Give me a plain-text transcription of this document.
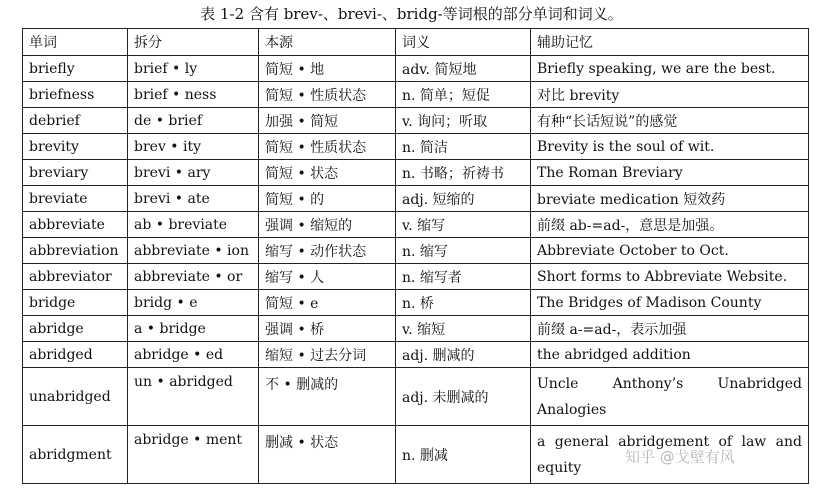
表 1-2 含有 brev-、brevi-、bridg-等词根的部分单词和词义。
单词	拆分	本源	词义	辅助记忆
briefly	brief • ly	简短 • 地	adv. 简短地	Briefly speaking, we are the best.
briefness	brief • ness	简短 • 性质状态	n. 简单；短促	对比 brevity
debrief	de • brief	加强 • 简短	v. 询问；听取	有种“长话短说”的感觉
brevity	brev • ity	简短 • 性质状态	n. 简洁	Brevity is the soul of wit.
breviary	brevi • ary	简短 • 状态	n. 书略；祈祷书	The Roman Breviary
breviate	brevi • ate	简短 • 的	adj. 短缩的	breviate medication 短效药
abbreviate	ab • breviate	强调 • 缩短的	v. 缩写	前缀 ab-=ad-，意思是加强。
abbreviation	abbreviate • ion	缩写 • 动作状态	n. 缩写	Abbreviate October to Oct.
abbreviator	abbreviate • or	缩写 • 人	n. 缩写者	Short forms to Abbreviate Website.
bridge	bridg • e	简短 • e	n. 桥	The Bridges of Madison County
abridge	a • bridge	强调 • 桥	v. 缩短	前缀 a-=ad-，表示加强
abridged	abridge • ed	缩短 • 过去分词	adj. 删减的	the abridged addition
unabridged	un • abridged	不 • 删减的	adj. 未删减的	Uncle Anthony’s Unabridged Analogies
abridgment	abridge • ment	删减 • 状态	n. 删减	a general abridgement of law and equity
知乎 @戈壁有风
